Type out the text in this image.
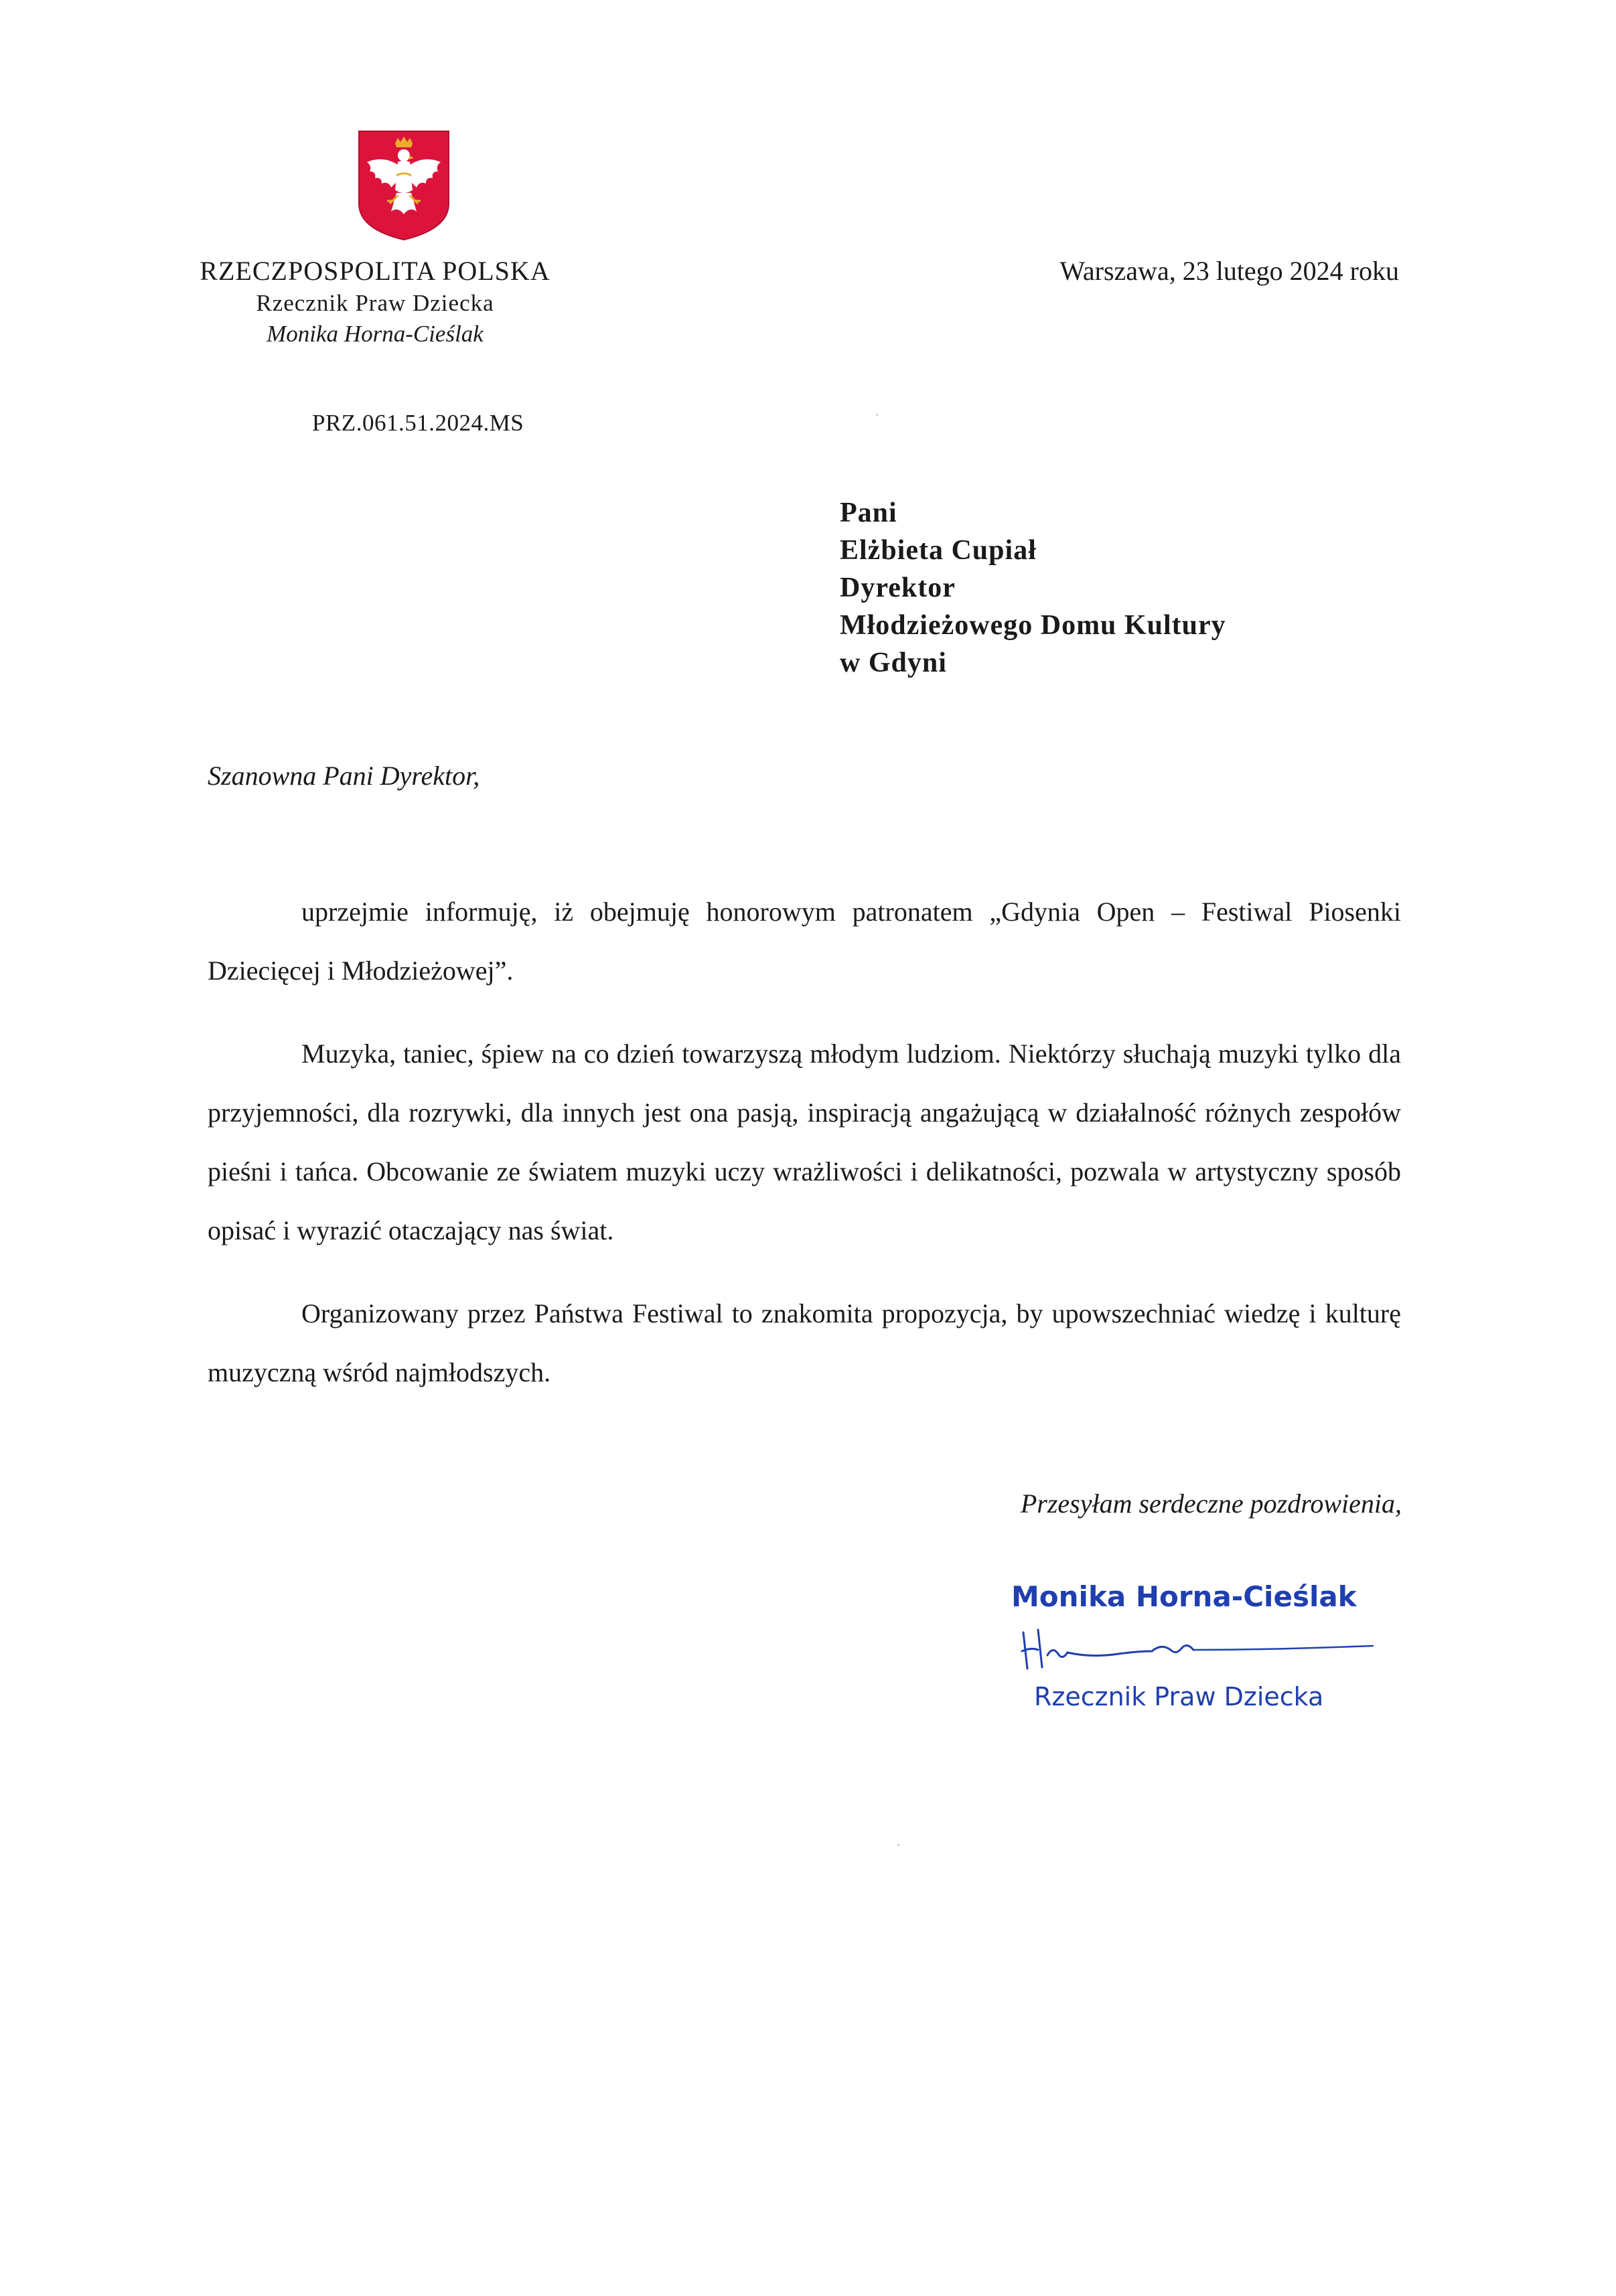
RZECZPOSPOLITA POLSKA
Rzecznik Praw Dziecka
Monika Horna-Cieślak
PRZ.061.51.2024.MS
Warszawa, 23 lutego 2024 roku
Pani
Elżbieta Cupiał
Dyrektor
Młodzieżowego Domu Kultury
w Gdyni
Szanowna Pani Dyrektor,

uprzejmie informuję, iż obejmuję honorowym patronatem „Gdynia Open – Festiwal Piosenki Dziecięcej i Młodzieżowej”.

Muzyka, taniec, śpiew na co dzień towarzyszą młodym ludziom. Niektórzy słuchają muzyki tylko dla przyjemności, dla rozrywki, dla innych jest ona pasją, inspiracją angażującą w działalność różnych zespołów pieśni i tańca. Obcowanie ze światem muzyki uczy wrażliwości i delikatności, pozwala w artystyczny sposób opisać i wyrazić otaczający nas świat.

Organizowany przez Państwa Festiwal to znakomita propozycja, by upowszechniać wiedzę i kulturę muzyczną wśród najmłodszych.

Przesyłam serdeczne pozdrowienia,
Monika Horna-Cieślak
Rzecznik Praw Dziecka
